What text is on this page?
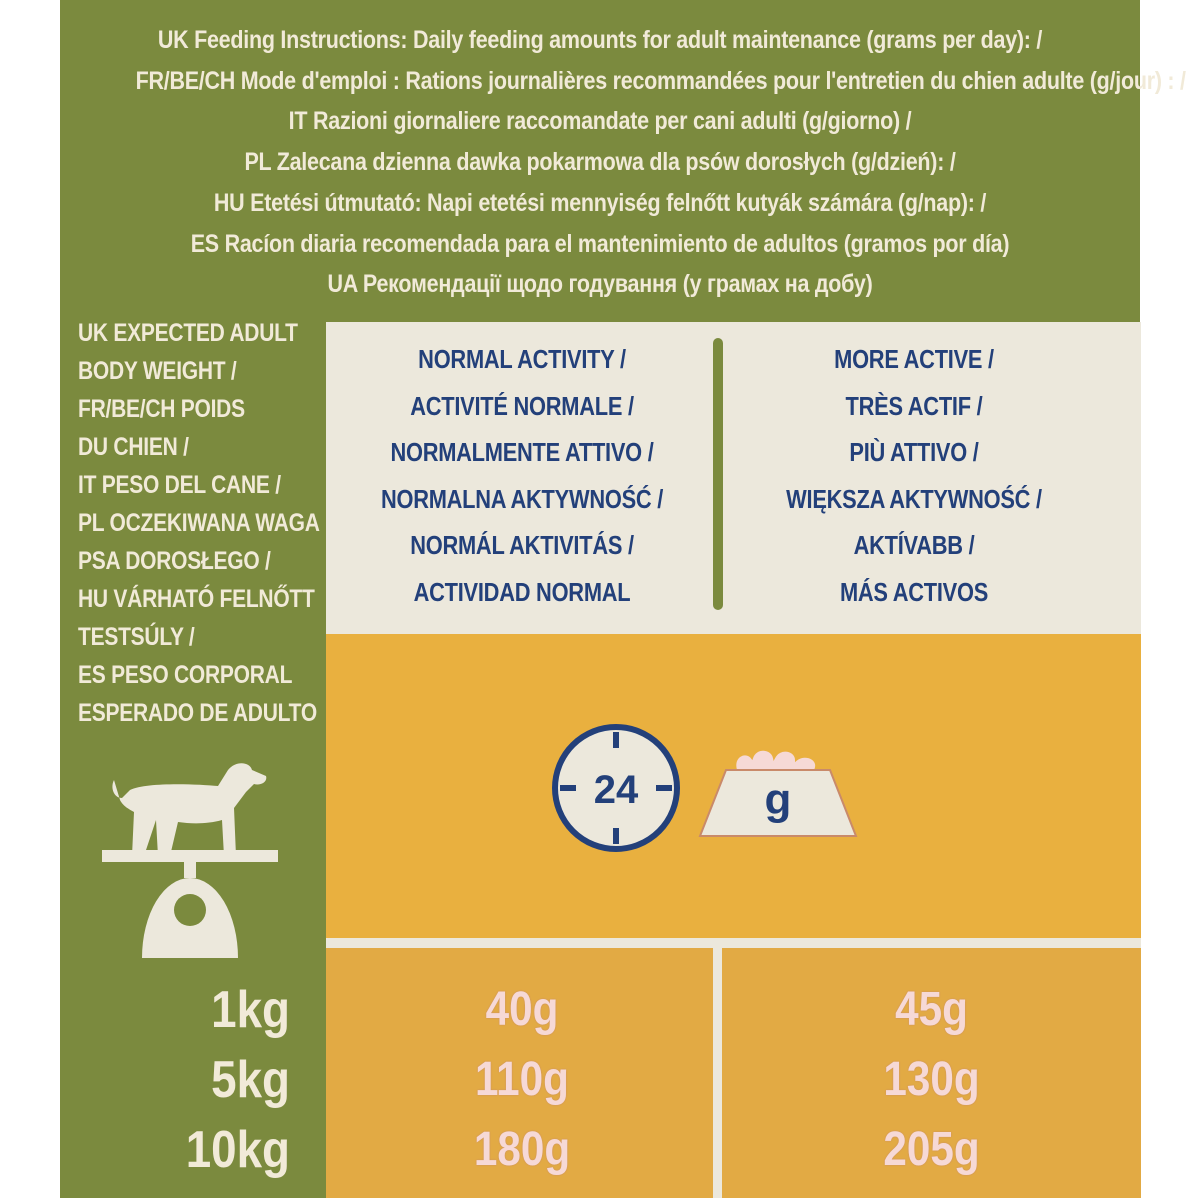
UK Feeding Instructions: Daily feeding amounts for adult maintenance (grams per day): /
FR/BE/CH Mode d'emploi : Rations journalières recommandées pour l'entretien du chien adulte (g/jour) : /
IT Razioni giornaliere raccomandate per cani adulti (g/giorno) /
PL Zalecana dzienna dawka pokarmowa dla psów dorosłych (g/dzień): /
HU Etetési útmutató: Napi etetési mennyiség felnőtt kutyák számára (g/nap): /
ES Racíon diaria recomendada para el mantenimiento de adultos (gramos por día)
UA Рекомендації щодо годування (у грамах на добу)
UK EXPECTED ADULT
BODY WEIGHT /
FR/BE/CH POIDS
DU CHIEN /
IT PESO DEL CANE /
PL OCZEKIWANA WAGA
PSA DOROSŁEGO /
HU VÁRHATÓ FELNŐTT
TESTSÚLY /
ES PESO CORPORAL
ESPERADO DE ADULTO
NORMAL ACTIVITY /
ACTIVITÉ NORMALE /
NORMALMENTE ATTIVO /
NORMALNA AKTYWNOŚĆ /
NORMÁL AKTIVITÁS /
ACTIVIDAD NORMAL
MORE ACTIVE /
TRÈS ACTIF /
PIÙ ATTIVO /
WIĘKSZA AKTYWNOŚĆ /
AKTÍVABB /
MÁS ACTIVOS
24	g
1kg
5kg
10kg
40g
110g
180g
45g
130g
205g
